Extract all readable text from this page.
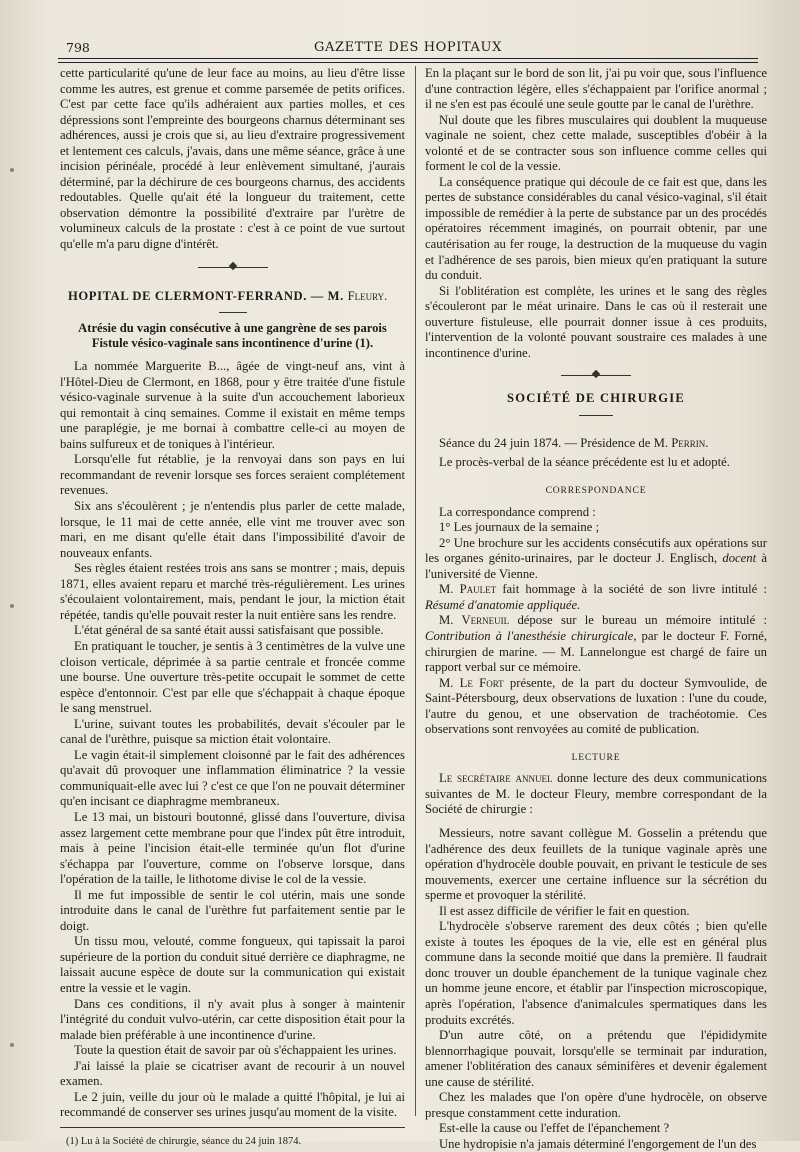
798	GAZETTE DES HOPITAUX

cette particularité qu'une de leur face au moins, au lieu d'être lisse comme les autres, est grenue et comme parsemée de petits orifices. C'est par cette face qu'ils adhéraient aux parties molles, et ces dépressions sont l'empreinte des bourgeons charnus déterminant ses adhérences, aussi je crois que si, au lieu d'extraire progressivement et lentement ces calculs, j'avais, dans une même séance, grâce à une incision périnéale, procédé à leur enlèvement simultané, j'aurais déterminé, par la déchirure de ces bourgeons charnus, des accidents redoutables. Quelle qu'ait été la longueur du traitement, cette observation démontre la possibilité d'extraire par l'urètre de volumineux calculs de la prostate : c'est à ce point de vue surtout qu'elle m'a paru digne d'intérêt.

HOPITAL DE CLERMONT-FERRAND. — M. Fleury.
Atrésie du vagin consécutive à une gangrène de ses parois
Fistule vésico-vaginale sans incontinence d'urine (1).

La nommée Marguerite B..., âgée de vingt-neuf ans, vint à l'Hôtel-Dieu de Clermont, en 1868, pour y être traitée d'une fistule vésico-vaginale survenue à la suite d'un accouchement laborieux qui remontait à cinq semaines. Comme il existait en même temps une paraplégie, je me bornai à combattre celle-ci au moyen de bains sulfureux et de toniques à l'intérieur.

Lorsqu'elle fut rétablie, je la renvoyai dans son pays en lui recommandant de revenir lorsque ses forces seraient complétement revenues.

Six ans s'écoulèrent ; je n'entendis plus parler de cette malade, lorsque, le 11 mai de cette année, elle vint me trouver avec son mari, en me disant qu'elle était dans l'impossibilité d'avoir de nouveaux enfants.

Ses règles étaient restées trois ans sans se montrer ; mais, depuis 1871, elles avaient reparu et marché très-régulièrement. Les urines s'écoulaient volontairement, mais, pendant le jour, la miction était répétée, tandis qu'elle pouvait rester la nuit entière sans les rendre.

L'état général de sa santé était aussi satisfaisant que possible.

En pratiquant le toucher, je sentis à 3 centimètres de la vulve une cloison verticale, déprimée à sa partie centrale et froncée comme une bourse. Une ouverture très-petite occupait le sommet de cette espèce d'entonnoir. C'est par elle que s'échappait à chaque époque le sang menstruel.

L'urine, suivant toutes les probabilités, devait s'écouler par le canal de l'urèthre, puisque sa miction était volontaire.

Le vagin était-il simplement cloisonné par le fait des adhérences qu'avait dû provoquer une inflammation éliminatrice ? la vessie communiquait-elle avec lui ? c'est ce que l'on ne pouvait déterminer qu'en incisant ce diaphragme membraneux.

Le 13 mai, un bistouri boutonné, glissé dans l'ouverture, divisa assez largement cette membrane pour que l'index pût être introduit, mais à peine l'incision était-elle terminée qu'un flot d'urine s'échappa par l'ouverture, comme on l'observe lorsque, dans l'opération de la taille, le lithotome divise le col de la vessie.

Il me fut impossible de sentir le col utérin, mais une sonde introduite dans le canal de l'urèthre fut parfaitement sentie par le doigt.

Un tissu mou, velouté, comme fongueux, qui tapissait la paroi supérieure de la portion du conduit situé derrière ce diaphragme, ne laissait aucune espèce de doute sur la communication qui existait entre la vessie et le vagin.

Dans ces conditions, il n'y avait plus à songer à maintenir l'intégrité du conduit vulvo-utérin, car cette disposition était pour la malade bien préférable à une incontinence d'urine.

Toute la question était de savoir par où s'échappaient les urines.

J'ai laissé la plaie se cicatriser avant de recourir à un nouvel examen.

Le 2 juin, veille du jour où le malade a quitté l'hôpital, je lui ai recommandé de conserver ses urines jusqu'au moment de la visite.

(1) Lu à la Société de chirurgie, séance du 24 juin 1874.

En la plaçant sur le bord de son lit, j'ai pu voir que, sous l'influence d'une contraction légère, elles s'échappaient par l'orifice anormal ; il ne s'en est pas écoulé une seule goutte par le canal de l'urèthre.

Nul doute que les fibres musculaires qui doublent la muqueuse vaginale ne soient, chez cette malade, susceptibles d'obéir à la volonté et de se contracter sous son influence comme celles qui forment le col de la vessie.

La conséquence pratique qui découle de ce fait est que, dans les pertes de substance considérables du canal vésico-vaginal, s'il était impossible de remédier à la perte de substance par un des procédés opératoires récemment imaginés, on pourrait obtenir, par une cautérisation au fer rouge, la destruction de la muqueuse du vagin et l'adhérence de ses parois, bien mieux qu'en pratiquant la suture du conduit.

Si l'oblitération est complète, les urines et le sang des règles s'écouleront par le méat urinaire. Dans le cas où il resterait une ouverture fistuleuse, elle pourrait donner issue à ces produits, l'intervention de la volonté pouvant soustraire ces malades à une incontinence d'urine.

SOCIÉTÉ DE CHIRURGIE

Séance du 24 juin 1874. — Présidence de M. Perrin.

Le procès-verbal de la séance précédente est lu et adopté.

CORRESPONDANCE

La correspondance comprend :

1° Les journaux de la semaine ;

2° Une brochure sur les accidents consécutifs aux opérations sur les organes génito-urinaires, par le docteur J. Englisch, docent à l'université de Vienne.

M. Paulet fait hommage à la société de son livre intitulé : Résumé d'anatomie appliquée.

M. Verneuil dépose sur le bureau un mémoire intitulé : Contribution à l'anesthésie chirurgicale, par le docteur F. Forné, chirurgien de marine. — M. Lannelongue est chargé de faire un rapport verbal sur ce mémoire.

M. Le Fort présente, de la part du docteur Symvoulide, de Saint-Pétersbourg, deux observations de luxation : l'une du coude, l'autre du genou, et une observation de trachéotomie. Ces observations sont renvoyées au comité de publication.

LECTURE

Le secrétaire annuel donne lecture des deux communications suivantes de M. le docteur Fleury, membre correspondant de la Société de chirurgie :

Messieurs, notre savant collègue M. Gosselin a prétendu que l'adhérence des deux feuillets de la tunique vaginale après une opération d'hydrocèle double pouvait, en privant le testicule de ses mouvements, exercer une certaine influence sur la sécrétion du sperme et provoquer la stérilité.

Il est assez difficile de vérifier le fait en question.

L'hydrocèle s'observe rarement des deux côtés ; bien qu'elle existe à toutes les époques de la vie, elle est en général plus commune dans la seconde moitié que dans la première. Il faudrait donc trouver un double épanchement de la tunique vaginale chez un homme jeune encore, et établir par l'inspection microscopique, après l'opération, l'absence d'animalcules spermatiques dans les produits excrétés.

D'un autre côté, on a prétendu que l'épididymite blennorrhagique pouvait, lorsqu'elle se terminait par induration, amener l'oblitération des canaux séminifères et devenir également une cause de stérilité.

Chez les malades que l'on opère d'une hydrocèle, on observe presque constamment cette induration.

Est-elle la cause ou l'effet de l'épanchement ?

Une hydropisie n'a jamais déterminé l'engorgement de l'un des
